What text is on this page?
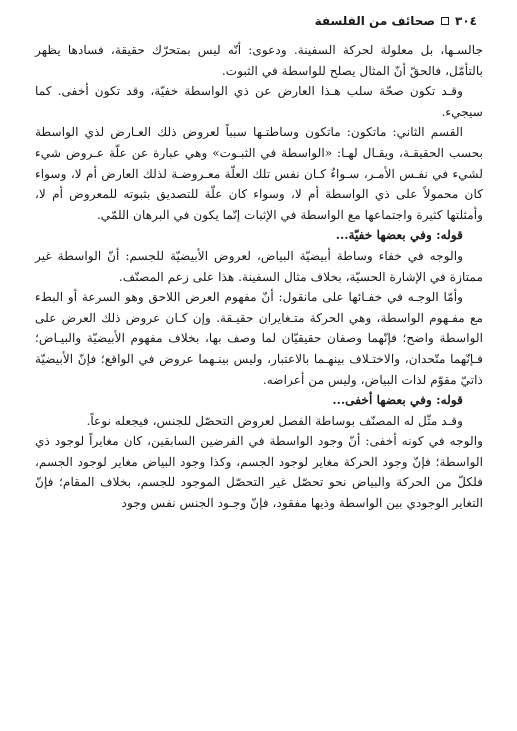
٣٠٤
صحائف من الفلسفة

جالسـها، بل معلولة لحركة السفينة. ودعوى: أنّه ليس بمتحرّك حقيقة، فسادها يظهر بالتأمّل، فالحقّ أنّ المثال يصلح للواسطة في الثبوت.

وقـد تكون صحّة سلب هـذا العارض عن ذي الواسطة خفيّة، وقد تكون أخفى. كما سيجيء.

القسم الثاني: ماتكون: ماتكون وساطتـها سبباً لعروض ذلك العـارض لذي الواسطة بحسب الحقيقـة، ويقـال لهـا: «الواسطة في الثبـوت» وهي عبارة عن علّة عـروض شيء لشيء في نفـس الأمـر، سـواءٌ كـان نفس تلك العلّة معـروضـة لذلك العارض أم لا، وسواء كان محمولاً على ذي الواسطة أم لا، وسواء كان علّة للتصديق بثبوته للمعروض أم لا، وأمثلتها كثيرة واجتماعها مع الواسطة في الإثبات إنّما يكون في البرهان اللمّي.

قوله: وفي بعضها خفيّة...

والوجه في خفاء وساطة أبيضيّة البياض، لعروض الأبيضيّة للجسم: أنّ الواسطة غير ممتازة في الإشارة الحسيّة، بخلاف مثال السفينة. هذا على زعم المصنّف.

وأمّا الوجـه في خفـائها على مانقول: أنّ مفهوم العرض اللاحق وهو السرعة أو البطء مع مفـهوم الواسطة، وهي الحركة متـغايران حقيـقة. وإن كـان عروض ذلك العرض على الواسطة واضح؛ فإنّهما وصفان حقيقيّان لما وصف بها، بخلاف مفهوم الأبيضيّة والبيـاض؛ فـإنّهما متّحدان، والاختـلاف بينهـما بالاعتبار، وليس بينـهما عروض في الواقع؛ فإنّ الأبيضيّة ذاتيّ مقوّم لذات البياض، وليس من أعراضه.

قوله: وفي بعضها أخفى...

وقـد مثّل له المصنّف بوساطة الفصل لعروض التحصّل للجنس، فيجعله نوعاً.

والوجه في كونه أخفى: أنّ وجود الواسطة في الفرضين السابقين، كان مغايراً لوجود ذي الواسطة؛ فإنّ وجود الحركة مغاير لوجود الجسم، وكذا وجود البياض مغاير لوجود الجسم، فلكلّ من الحركة والبياض نحو تحصّل غير التحصّل الموجود للجسم، بخلاف المقام؛ فإنّ التغاير الوجودي بين الواسطة وذيها مفقود، فإنّ وجـود الجنس نفس وجود
